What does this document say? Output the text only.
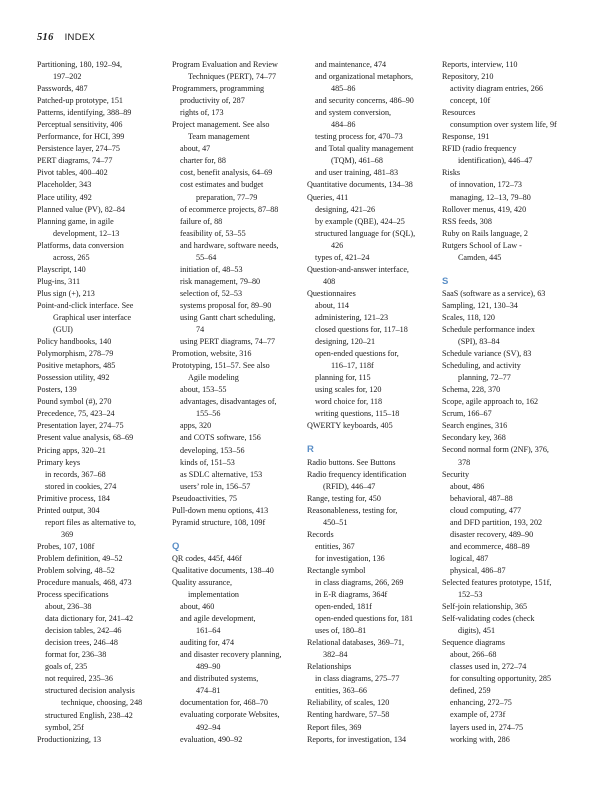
516 INDEX
Partitioning, 180, 192–94,
197–202
Passwords, 487
Patched-up prototype, 151
Patterns, identifying, 388–89
Perceptual sensitivity, 406
Performance, for HCI, 399
Persistence layer, 274–75
PERT diagrams, 74–77
Pivot tables, 400–402
Placeholder, 343
Place utility, 492
Planned value (PV), 82–84
Planning game, in agile
development, 12–13
Platforms, data conversion
across, 265
Playscript, 140
Plug-ins, 311
Plus sign (+), 213
Point-and-click interface. See
Graphical user interface
(GUI)
Policy handbooks, 140
Polymorphism, 278–79
Positive metaphors, 485
Possession utility, 492
Posters, 139
Pound symbol (#), 270
Precedence, 75, 423–24
Presentation layer, 274–75
Present value analysis, 68–69
Pricing apps, 320–21
Primary keys
in records, 367–68
stored in cookies, 274
Primitive process, 184
Printed output, 304
report files as alternative to,
369
Probes, 107, 108f
Problem definition, 49–52
Problem solving, 48–52
Procedure manuals, 468, 473
Process specifications
about, 236–38
data dictionary for, 241–42
decision tables, 242–46
decision trees, 246–48
format for, 236–38
goals of, 235
not required, 235–36
structured decision analysis
technique, choosing, 248
structured English, 238–42
symbol, 25f
Productionizing, 13
Program Evaluation and Review
Techniques (PERT), 74–77
Programmers, programming
productivity of, 287
rights of, 173
Project management. See also
Team management
about, 47
charter for, 88
cost, benefit analysis, 64–69
cost estimates and budget
preparation, 77–79
of ecommerce projects, 87–88
failure of, 88
feasibility of, 53–55
and hardware, software needs,
55–64
initiation of, 48–53
risk management, 79–80
selection of, 52–53
systems proposal for, 89–90
using Gantt chart scheduling,
74
using PERT diagrams, 74–77
Promotion, website, 316
Prototyping, 151–57. See also
Agile modeling
about, 153–55
advantages, disadvantages of,
155–56
apps, 320
and COTS software, 156
developing, 153–56
kinds of, 151–53
as SDLC alternative, 153
users’ role in, 156–57
Pseudoactivities, 75
Pull-down menu options, 413
Pyramid structure, 108, 109f
Q
QR codes, 445f, 446f
Qualitative documents, 138–40
Quality assurance,
implementation
about, 460
and agile development,
161–64
auditing for, 474
and disaster recovery planning,
489–90
and distributed systems,
474–81
documentation for, 468–70
evaluating corporate Websites,
492–94
evaluation, 490–92
and maintenance, 474
and organizational metaphors,
485–86
and security concerns, 486–90
and system conversion,
484–86
testing process for, 470–73
and Total quality management
(TQM), 461–68
and user training, 481–83
Quantitative documents, 134–38
Queries, 411
designing, 421–26
by example (QBE), 424–25
structured language for (SQL),
426
types of, 421–24
Question-and-answer interface,
408
Questionnaires
about, 114
administering, 121–23
closed questions for, 117–18
designing, 120–21
open-ended questions for,
116–17, 118f
planning for, 115
using scales for, 120
word choice for, 118
writing questions, 115–18
QWERTY keyboards, 405
R
Radio buttons. See Buttons
Radio frequency identification
(RFID), 446–47
Range, testing for, 450
Reasonableness, testing for,
450–51
Records
entities, 367
for investigation, 136
Rectangle symbol
in class diagrams, 266, 269
in E-R diagrams, 364f
open-ended, 181f
open-ended questions for, 181
uses of, 180–81
Relational databases, 369–71,
382–84
Relationships
in class diagrams, 275–77
entities, 363–66
Reliability, of scales, 120
Renting hardware, 57–58
Report files, 369
Reports, for investigation, 134
Reports, interview, 110
Repository, 210
activity diagram entries, 266
concept, 10f
Resources
consumption over system life, 9f
Response, 191
RFID (radio frequency
identification), 446–47
Risks
of innovation, 172–73
managing, 12–13, 79–80
Rollover menus, 419, 420
RSS feeds, 308
Ruby on Rails language, 2
Rutgers School of Law -
Camden, 445
S
SaaS (software as a service), 63
Sampling, 121, 130–34
Scales, 118, 120
Schedule performance index
(SPI), 83–84
Schedule variance (SV), 83
Scheduling, and activity
planning, 72–77
Schema, 228, 370
Scope, agile approach to, 162
Scrum, 166–67
Search engines, 316
Secondary key, 368
Second normal form (2NF), 376,
378
Security
about, 486
behavioral, 487–88
cloud computing, 477
and DFD partition, 193, 202
disaster recovery, 489–90
and ecommerce, 488–89
logical, 487
physical, 486–87
Selected features prototype, 151f,
152–53
Self-join relationship, 365
Self-validating codes (check
digits), 451
Sequence diagrams
about, 266–68
classes used in, 272–74
for consulting opportunity, 285
defined, 259
enhancing, 272–75
example of, 273f
layers used in, 274–75
working with, 286
